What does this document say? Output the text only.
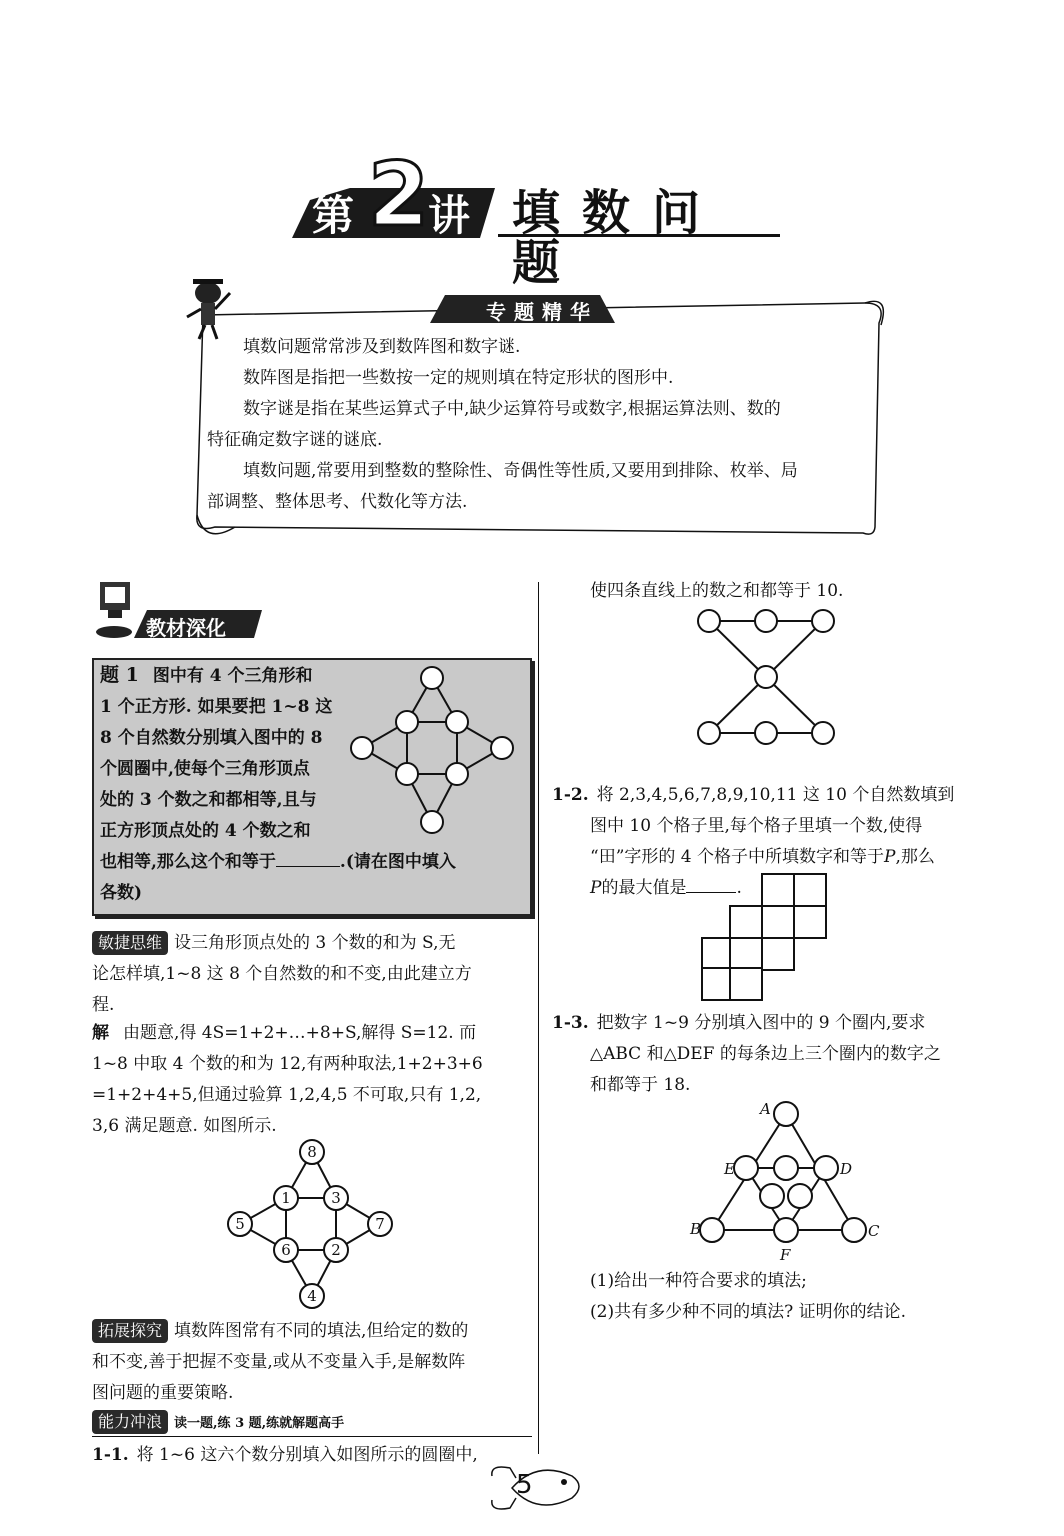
第 2
讲 填数问题
专题精华
填数问题常常涉及到数阵图和数字谜.
数阵图是指把一些数按一定的规则填在特定形状的图形中.
数字谜是指在某些运算式子中,缺少运算符号或数字,根据运算法则、数的
特征确定数字谜的谜底.
填数问题,常要用到整数的整除性、奇偶性等性质,又要用到排除、枚举、局
部调整、整体思考、代数化等方法.
教材深化
题 1 图中有 4 个三角形和
1 个正方形. 如果要把 1~8 这
8 个自然数分别填入图中的 8
个圆圈中,使每个三角形顶点
处的 3 个数之和都相等,且与
正方形顶点处的 4 个数之和
也相等,那么这个和等于	.(请在图中填入
各数)
敏捷思维 设三角形顶点处的 3 个数的和为 S,无
论怎样填,1~8 这 8 个自然数的和不变,由此建立方
程.
解 由题意,得 4S=1+2+…+8+S,解得 S=12. 而
1~8 中取 4 个数的和为 12,有两种取法,1+2+3+6
=1+2+4+5,但通过验算 1,2,4,5 不可取,只有 1,2,
3,6 满足题意. 如图所示.
8
1	3
5	7
6	2
4
拓展探究 填数阵图常有不同的填法,但给定的数的
和不变,善于把握不变量,或从不变量入手,是解数阵
图问题的重要策略.
能力冲浪 读一题,练 3 题,练就解题高手
1-1. 将 1~6 这六个数分别填入如图所示的圆圈中,
使四条直线上的数之和都等于 10.
1-2. 将 2,3,4,5,6,7,8,9,10,11 这 10 个自然数填到
图中 10 个格子里,每个格子里填一个数,使得
“田”字形的 4 个格子中所填数字和等于P,那么
P的最大值是	.
1-3. 把数字 1~9 分别填入图中的 9 个圈内,要求
△ABC 和△DEF 的每条边上三个圈内的数字之
和都等于 18.
A
B	C
D
E
F
(1)给出一种符合要求的填法;
(2)共有多少种不同的填法? 证明你的结论.
5
